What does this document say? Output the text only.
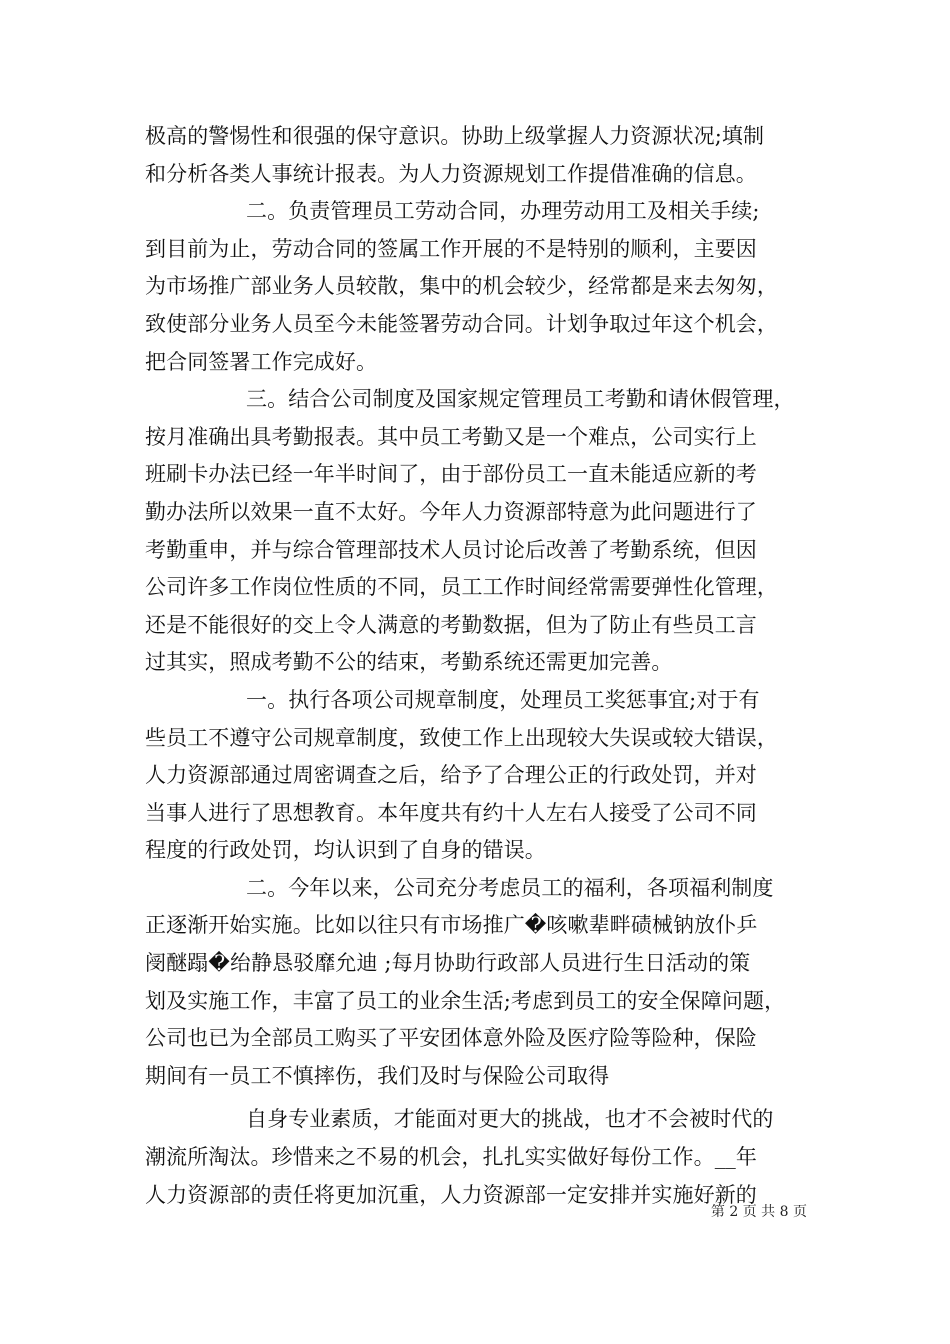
极高的警惕性和很强的保守意识。协助上级掌握人力资源状况;填制
和分析各类人事统计报表。为人力资源规划工作提借准确的信息。
二。负责管理员工劳动合同，办理劳动用工及相关手续;
到目前为止，劳动合同的签属工作开展的不是特别的顺利，主要因
为市场推广部业务人员较散，集中的机会较少，经常都是来去匆匆，
致使部分业务人员至今未能签署劳动合同。计划争取过年这个机会，
把合同签署工作完成好。
三。结合公司制度及国家规定管理员工考勤和请休假管理，
按月准确出具考勤报表。其中员工考勤又是一个难点，公司实行上
班刷卡办法已经一年半时间了，由于部份员工一直未能适应新的考
勤办法所以效果一直不太好。今年人力资源部特意为此问题进行了
考勤重申，并与综合管理部技术人员讨论后改善了考勤系统，但因
公司许多工作岗位性质的不同，员工工作时间经常需要弹性化管理，
还是不能很好的交上令人满意的考勤数据，但为了防止有些员工言
过其实，照成考勤不公的结束，考勤系统还需更加完善。
一。执行各项公司规章制度，处理员工奖惩事宜;对于有
些员工不遵守公司规章制度，致使工作上出现较大失误或较大错误，
人力资源部通过周密调查之后，给予了合理公正的行政处罚，并对
当事人进行了思想教育。本年度共有约十人左右人接受了公司不同
程度的行政处罚，均认识到了自身的错误。
二。今年以来，公司充分考虑员工的福利，各项福利制度
正逐渐开始实施。比如以往只有市场推广�咳嗽辈畔碛械钠放仆乒
阌醚蹋�绐静恳驳靡允迪 ;每月协助行政部人员进行生日活动的策
划及实施工作，丰富了员工的业余生活;考虑到员工的安全保障问题，
公司也已为全部员工购买了平安团体意外险及医疗险等险种，保险
期间有一员工不慎摔伤，我们及时与保险公司取得
自身专业素质，才能面对更大的挑战，也才不会被时代的
潮流所淘汰。珍惜来之不易的机会，扎扎实实做好每份工作。__年
人力资源部的责任将更加沉重，人力资源部一定安排并实施好新的
第 2 页 共 8 页
